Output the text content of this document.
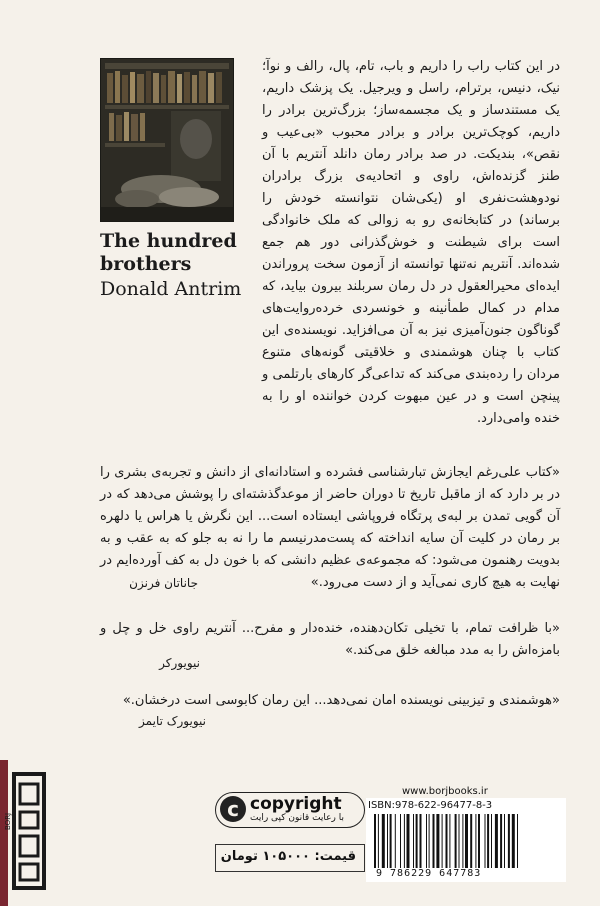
BORJ
The hundred brothers
Donald Antrim
در این کتاب راب را داریم و باب، تام، پال، رالف و نوآ؛ نیک، دنیس، برترام، راسل و ویرجیل. یک پزشک داریم، یک مستندساز و یک مجسمه‌ساز؛ بزرگ‌ترین برادر را داریم، کوچک‌ترین برادر و برادر محبوب «بی‌عیب و نقص»، بندیکت. در صد برادر رمان دانلد آنتریم با آن طنز گزنده‌اش، راوی و اتحادیه‌ی بزرگ برادران نودوهشت‌نفری او (یکی‌شان نتوانسته خودش را برساند) در کتابخانه‌ی رو به زوالی که ملک خانوادگی است برای شیطنت و خوش‌گذرانی دور هم جمع شده‌اند. آنتریم نه‌تنها توانسته از آزمون سخت پروراندن ایده‌ای محیرالعقول در دل رمان سربلند بیرون بیاید، که مدام در کمال طمأنینه و خونسردی خرده‌روایت‌های گوناگون جنون‌آمیزی نیز به آن می‌افزاید. نویسنده‌ی این کتاب با چنان هوشمندی و خلاقیتی گونه‌های متنوع مردان را رده‌بندی می‌کند که تداعی‌گر کارهای بارتلمی و پینچن است و در عین مبهوت کردن خواننده او را به خنده وامی‌دارد.
«کتاب علی‌رغم ایجازش تبارشناسی فشرده و استادانه‌ای از دانش و تجربه‌ی بشری را در بر دارد که از ماقبل تاریخ تا دوران حاضر از موعدگذشته‌ای را پوشش می‌دهد که در آن گویی تمدن بر لبه‌ی پرتگاه فروپاشی ایستاده است... این نگرش یا هراس یا دلهره بر رمان در کلیت آن سایه انداخته که پست‌مدرنیسم ما را نه به جلو که به عقب و به بدویت رهنمون می‌شود: که مجموعه‌ی عظیم دانشی که با خون دل به کف آورده‌ایم در نهایت به هیچ کاری نمی‌آید و از دست می‌رود.»
جاناتان فرنزن
«با ظرافت تمام، با تخیلی تکان‌دهنده، خنده‌دار و مفرح... آنتریم راوی خل و چل و بامزه‌اش را به مدد مبالغه خلق می‌کند.»
نیویورکر
«هوشمندی و تیزبینی نویسنده امان نمی‌دهد... این رمان کابوسی است درخشان.»
نیویورک تایمز
www.borjbooks.ir
c copyright
با رعایت قانون کپی رایت
قیمت: ۱۰۵۰۰۰ تومان
ISBN:978-622-96477-8-3
9 786229 647783
